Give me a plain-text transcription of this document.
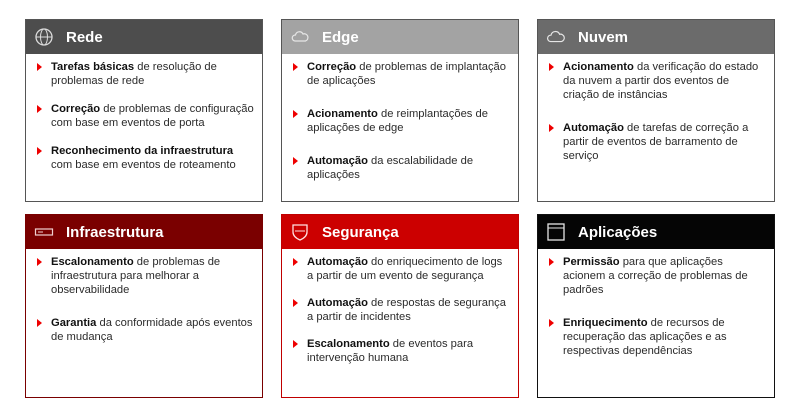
Rede
Tarefas básicas de resolução de problemas de rede
Correção de problemas de configuração com base em eventos de porta
Reconhecimento da infraestrutura com base em eventos de roteamento
Edge
Correção de problemas de implantação de aplicações
Acionamento de reimplantações de aplicações de edge
Automação da escalabilidade de aplicações
Nuvem
Acionamento da verificação do estado da nuvem a partir dos eventos de criação de instâncias
Automação de tarefas de correção a partir de eventos de barramento de serviço
Infraestrutura
Escalonamento de problemas de infraestrutura para melhorar a observabilidade
Garantia da conformidade após eventos de mudança
Segurança
Automação do enriquecimento de logs a partir de um evento de segurança
Automação de respostas de segurança a partir de incidentes
Escalonamento de eventos para intervenção humana
Aplicações
Permissão para que aplicações acionem a correção de problemas de padrões
Enriquecimento de recursos de recuperação das aplicações e as respectivas dependências
